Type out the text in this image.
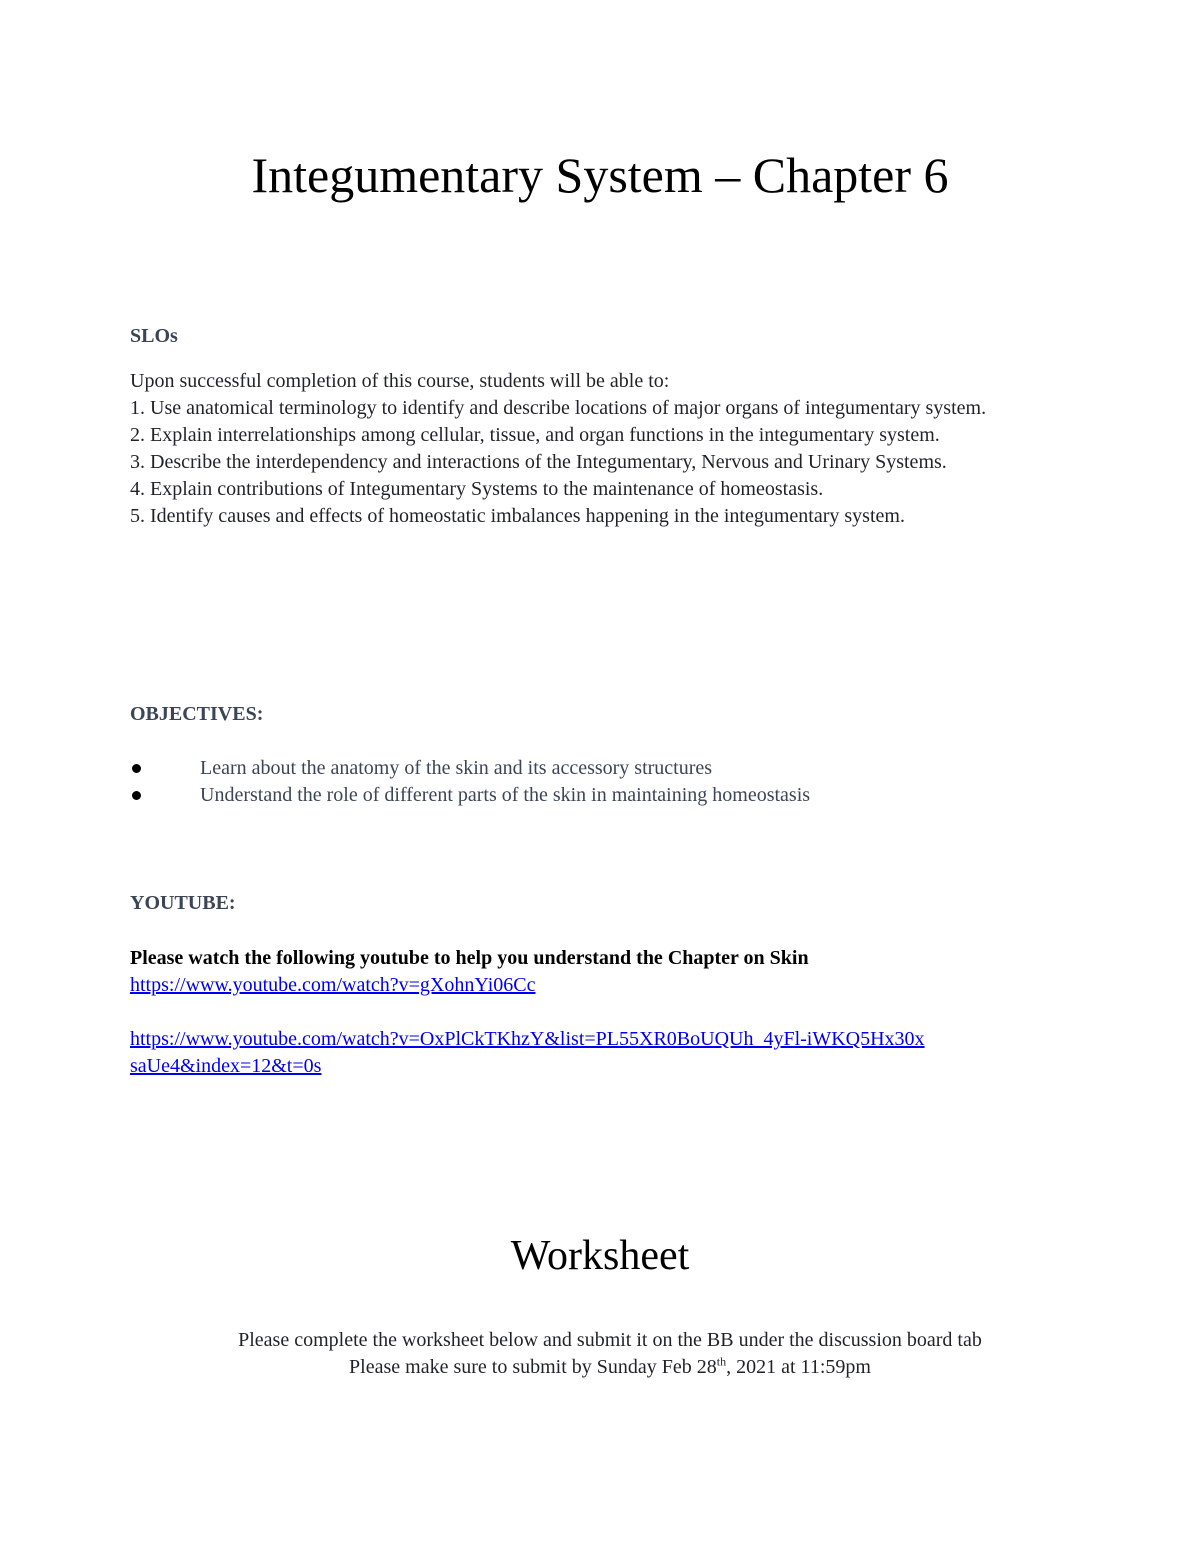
Integumentary System – Chapter 6
SLOs

Upon successful completion of this course, students will be able to:

1. Use anatomical terminology to identify and describe locations of major organs of integumentary system.

2. Explain interrelationships among cellular, tissue, and organ functions in the integumentary system.

3. Describe the interdependency and interactions of the Integumentary, Nervous and Urinary Systems.

4. Explain contributions of Integumentary Systems to the maintenance of homeostasis.

5. Identify causes and effects of homeostatic imbalances happening in the integumentary system.

OBJECTIVES:
Learn about the anatomy of the skin and its accessory structures
Understand the role of different parts of the skin in maintaining homeostasis
YOUTUBE:

Please watch the following youtube to help you understand the Chapter on Skin

https://www.youtube.com/watch?v=gXohnYi06Cc

https://www.youtube.com/watch?v=OxPlCkTKhzY&list=PL55XR0BoUQUh_4yFl-iWKQ5Hx30xsaUe4&index=12&t=0s

Worksheet

Please complete the worksheet below and submit it on the BB under the discussion board tab

Please make sure to submit by Sunday Feb 28th, 2021 at 11:59pm
